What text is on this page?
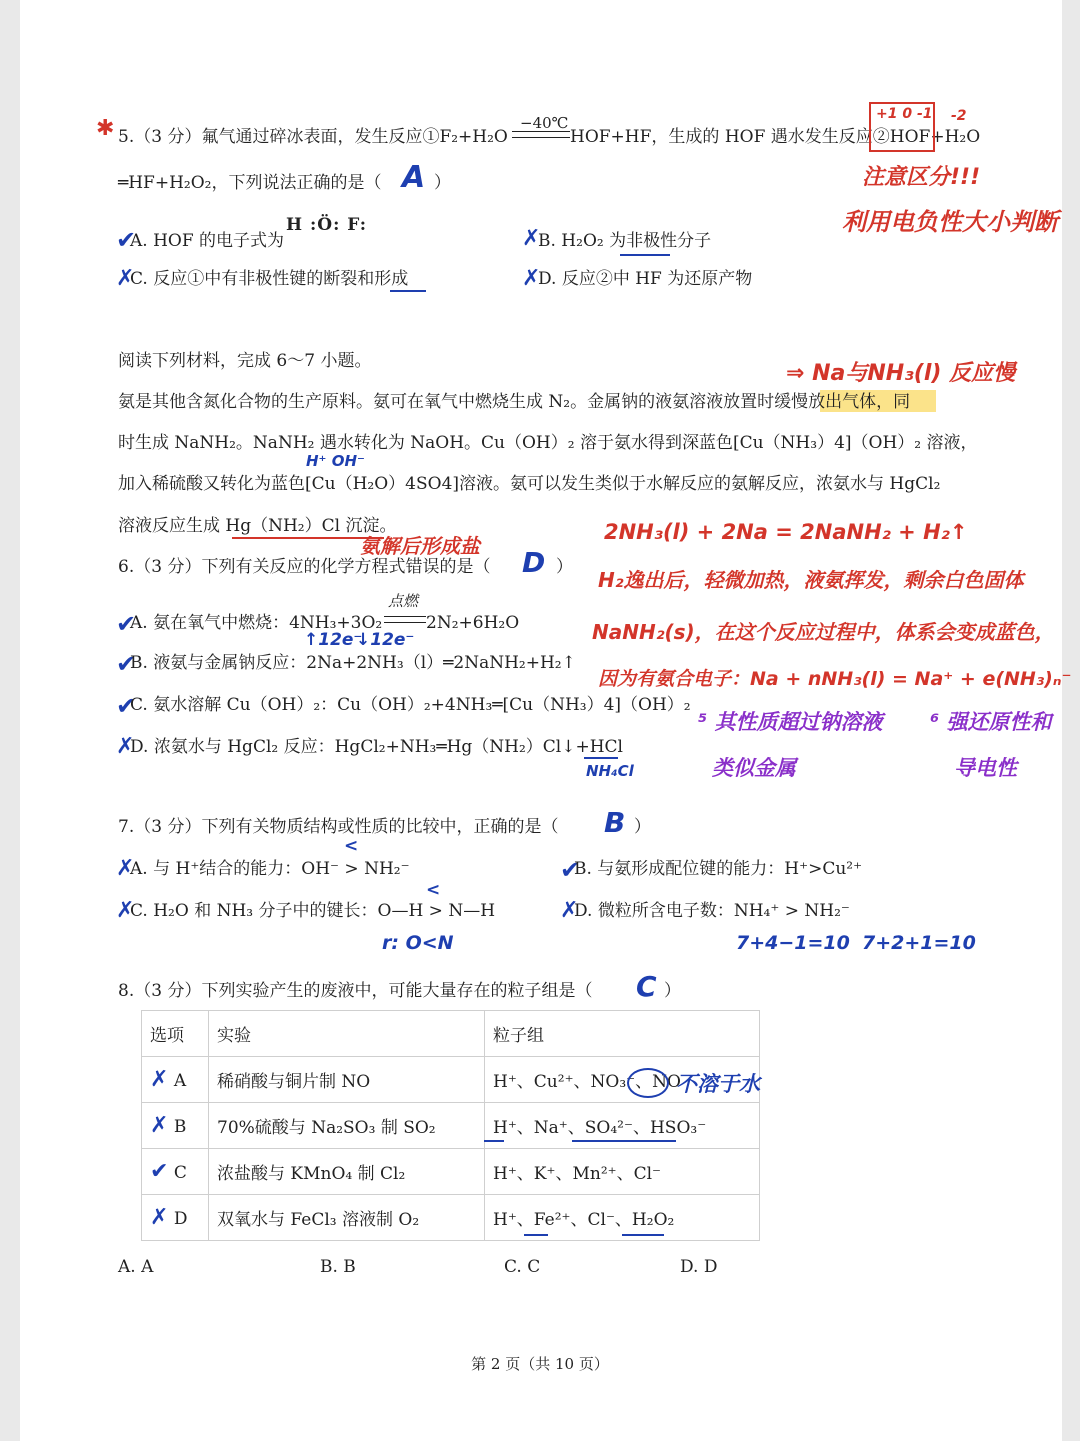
✱ 5.（3 分）氟气通过碎冰表面，发生反应①F₂+H₂O
−40℃
HOF+HF，生成的 HOF 遇水发生反应②HOF+H₂O
+1 0 -1 -2
═HF+H₂O₂，下列说法正确的是（ A ）	注意区分!!!
利用电负性大小判断
✔
A. HOF 的电子式为
H :Ö: F:
✗
B. H₂O₂ 为非极性分子
✗
C. 反应①中有非极性键的断裂和形成	✗
D. 反应②中 HF 为还原产物
阅读下列材料，完成 6～7 小题。	⇒ Na与NH₃(l) 反应慢
氨是其他含氮化合物的生产原料。氨可在氧气中燃烧生成 N₂。金属钠的液氨溶液放置时缓慢放出气体，同
时生成 NaNH₂。NaNH₂ 遇水转化为 NaOH。Cu（OH）₂ 溶于氨水得到深蓝色[Cu（NH₃）4]（OH）₂ 溶液，
H⁺ OH⁻
加入稀硫酸又转化为蓝色[Cu（H₂O）4SO4]溶液。氨可以发生类似于水解反应的氨解反应，浓氨水与 HgCl₂
溶液反应生成 Hg（NH₂）Cl 沉淀。
氨解后形成盐
6.（3 分）下列有关反应的化学方程式错误的是（ D ）
✔
A. 氨在氧气中燃烧：4NH₃+3O₂
点燃
2N₂+6H₂O
↑12e⁻
↓12e⁻
✔
B. 液氨与金属钠反应：2Na+2NH₃（l）═2NaNH₂+H₂↑
✔
C. 氨水溶解 Cu（OH）₂：Cu（OH）₂+4NH₃═[Cu（NH₃）4]（OH）₂
✗
D. 浓氨水与 HgCl₂ 反应：HgCl₂+NH₃═Hg（NH₂）Cl↓+HCl
NH₄Cl
2NH₃(l) + 2Na = 2NaNH₂ + H₂↑
H₂逸出后，轻微加热，液氨挥发，剩余白色固体
NaNH₂(s)，在这个反应过程中，体系会变成蓝色，
因为有氨合电子：Na + nNH₃(l) = Na⁺ + e(NH₃)ₙ⁻
⁵ 其性质超过钠溶液
类似金属
⁶ 强还原性和
导电性
7.（3 分）下列有关物质结构或性质的比较中，正确的是（ B ）
✗
A. 与 H⁺结合的能力：OH⁻ > NH₂⁻
<
✔
B. 与氨形成配位键的能力：H⁺>Cu²⁺
✗
C. H₂O 和 NH₃ 分子中的键长：O—H > N—H
<
✗
D. 微粒所含电子数：NH₄⁺ > NH₂⁻
r: O<N	7+4−1=10 7+2+1=10
8.（3 分）下列实验产生的废液中，可能大量存在的粒子组是（ C ）
选项	实验	粒子组
✗ A	稀硝酸与铜片制 NO	H⁺、Cu²⁺、NO₃⁻、NO
✗ B	70%硫酸与 Na₂SO₃ 制 SO₂	H⁺、Na⁺、SO₄²⁻、HSO₃⁻
✔ C	浓盐酸与 KMnO₄ 制 Cl₂	H⁺、K⁺、Mn²⁺、Cl⁻
✗ D	双氧水与 FeCl₃ 溶液制 O₂	H⁺、Fe²⁺、Cl⁻、H₂O₂
不溶于水
A. A	B. B	C. C	D. D
第 2 页（共 10 页）
